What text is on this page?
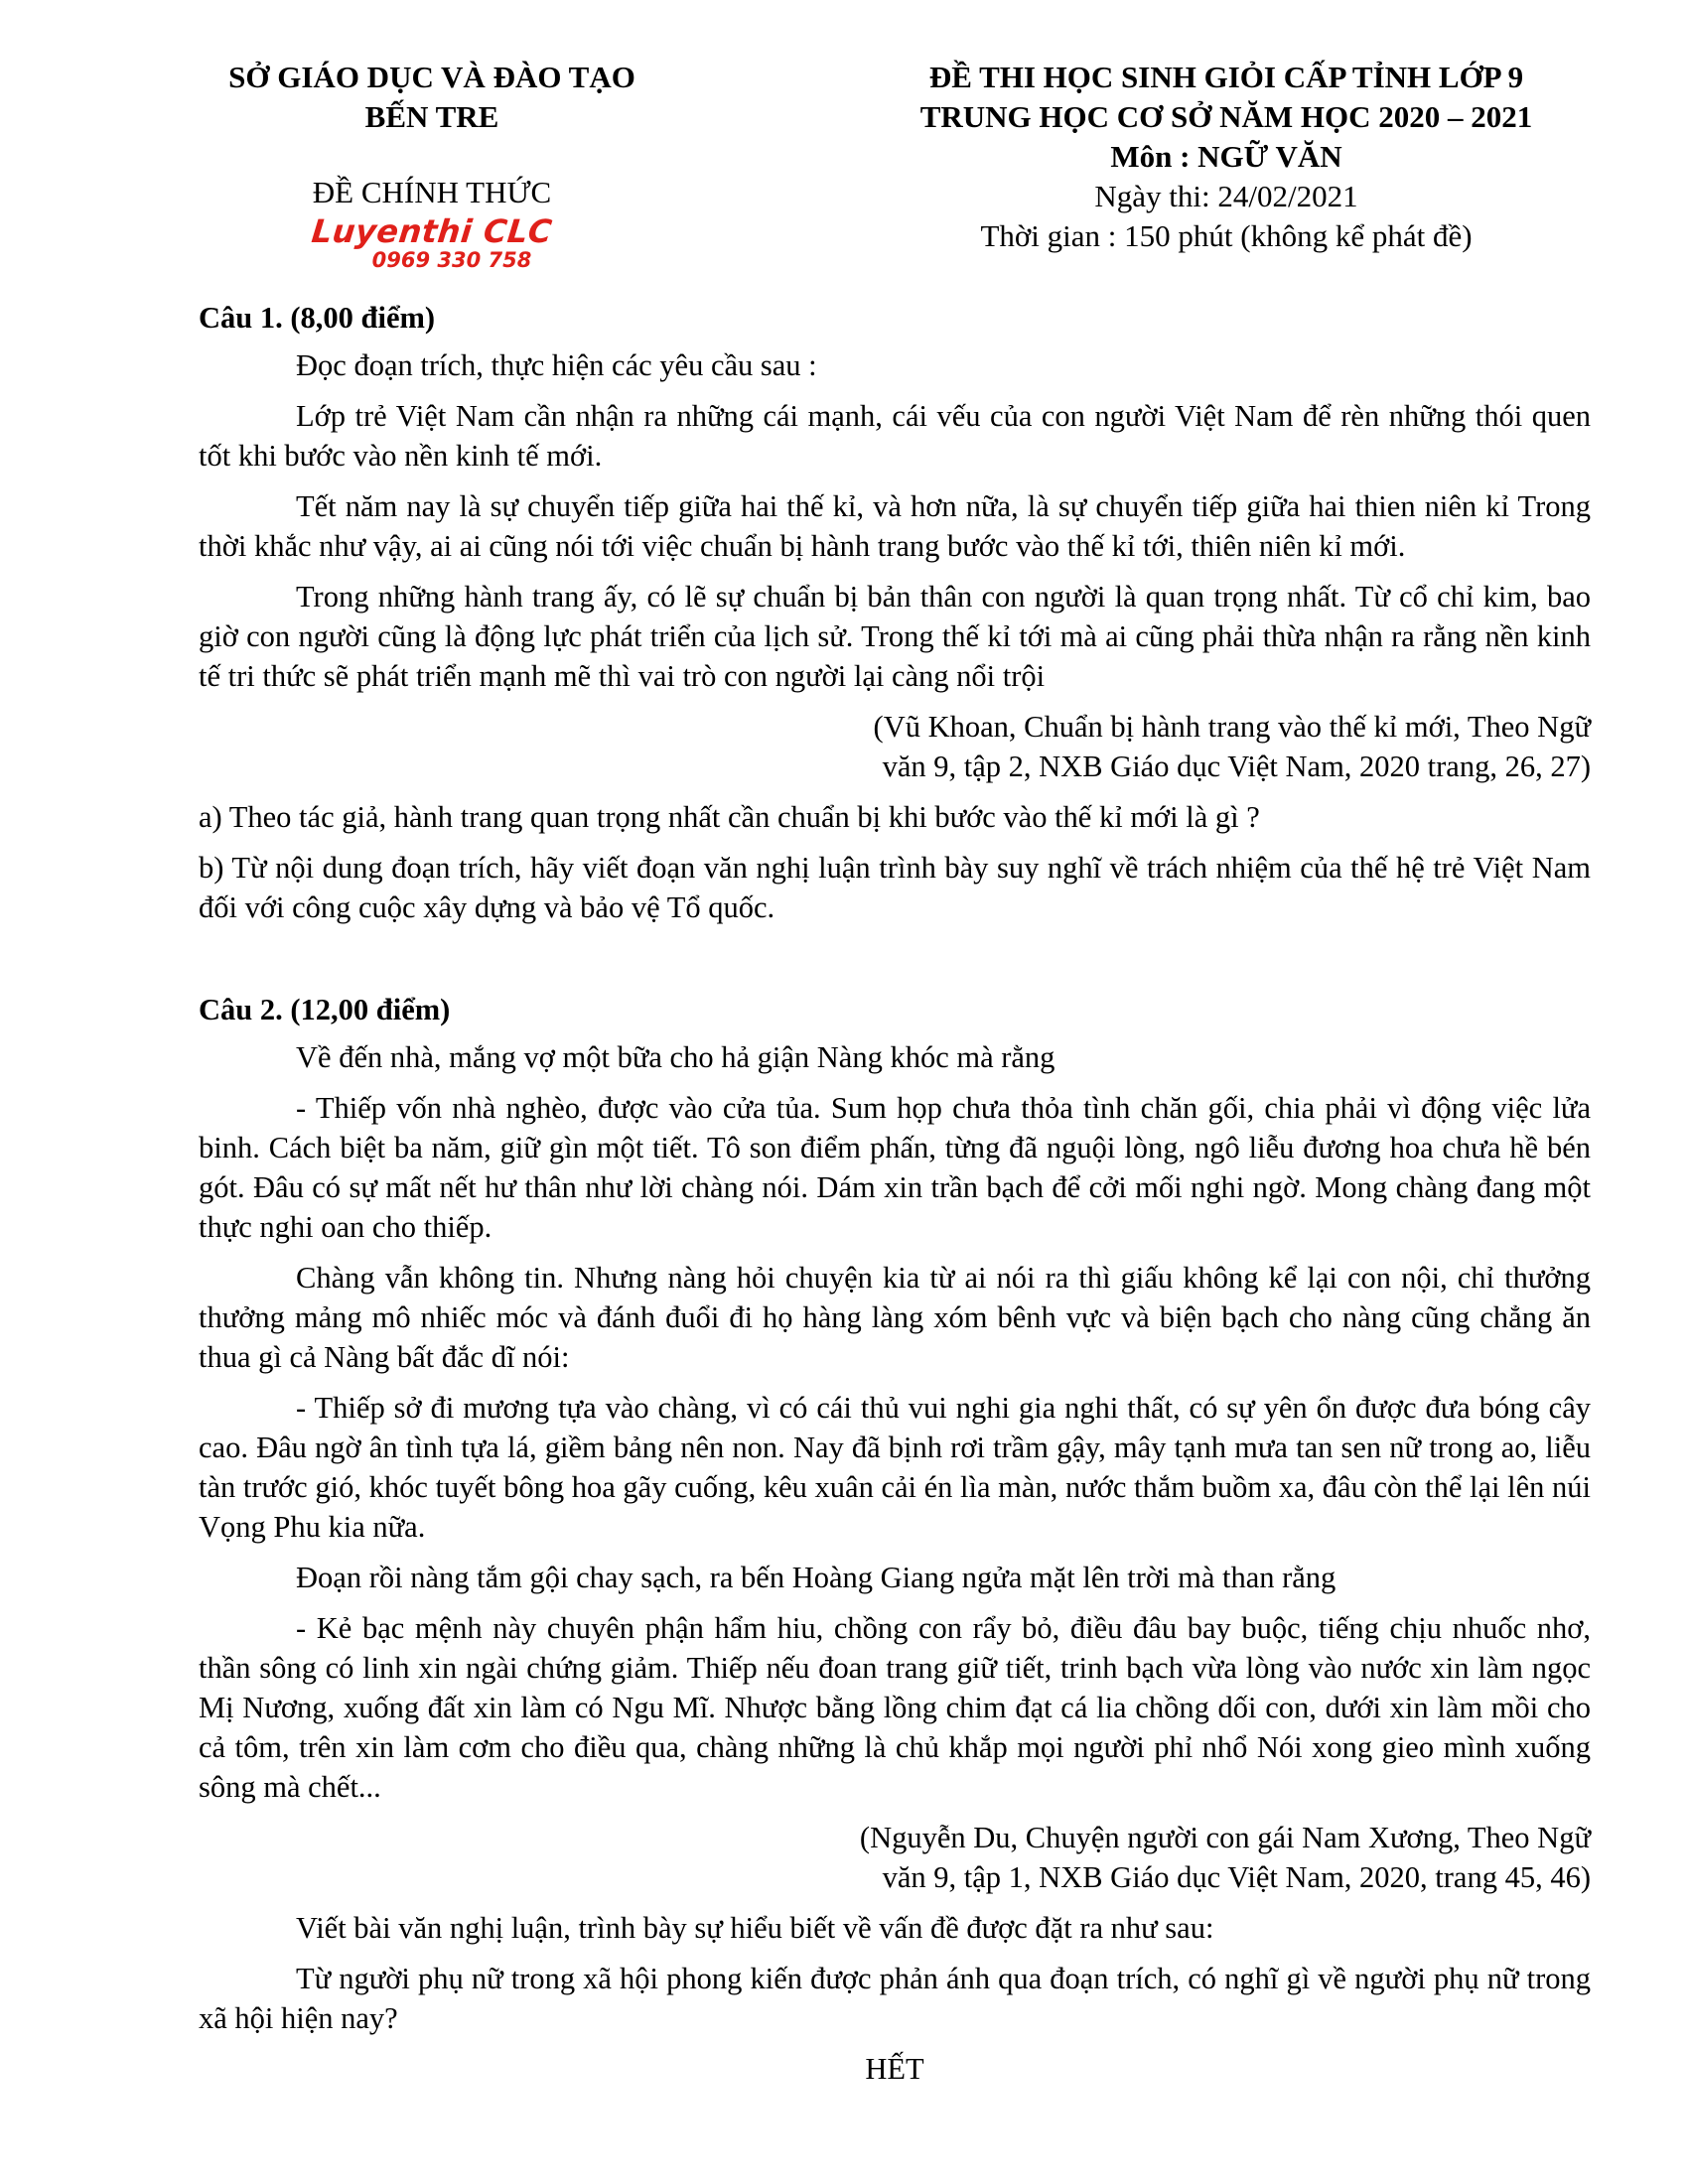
SỞ GIÁO DỤC VÀ ĐÀO TẠO
BẾN TRE
ĐỀ CHÍNH THỨC
Luyenthi CLC
0969 330 758
ĐỀ THI HỌC SINH GIỎI CẤP TỈNH LỚP 9
TRUNG HỌC CƠ SỞ NĂM HỌC 2020 – 2021
Môn : NGỮ VĂN
Ngày thi: 24/02/2021
Thời gian : 150 phút (không kể phát đề)
Câu 1. (8,00 điểm)

Đọc đoạn trích, thực hiện các yêu cầu sau :

Lớp trẻ Việt Nam cần nhận ra những cái mạnh, cái vếu của con người Việt Nam để rèn những thói quen tốt khi bước vào nền kinh tế mới.

Tết năm nay là sự chuyển tiếp giữa hai thế kỉ, và hơn nữa, là sự chuyển tiếp giữa hai thien niên kỉ Trong thời khắc như vậy, ai ai cũng nói tới việc chuẩn bị hành trang bước vào thế kỉ tới, thiên niên kỉ mới.

Trong những hành trang ấy, có lẽ sự chuẩn bị bản thân con người là quan trọng nhất. Từ cổ chỉ kim, bao giờ con người cũng là động lực phát triển của lịch sử. Trong thế kỉ tới mà ai cũng phải thừa nhận ra rằng nền kinh tế tri thức sẽ phát triển mạnh mẽ thì vai trò con người lại càng nổi trội

(Vũ Khoan, Chuẩn bị hành trang vào thế kỉ mới, Theo Ngữ
văn 9, tập 2, NXB Giáo dục Việt Nam, 2020 trang, 26, 27)

a) Theo tác giả, hành trang quan trọng nhất cần chuẩn bị khi bước vào thế kỉ mới là gì ?

b) Từ nội dung đoạn trích, hãy viết đoạn văn nghị luận trình bày suy nghĩ về trách nhiệm của thế hệ trẻ Việt Nam đối với công cuộc xây dựng và bảo vệ Tổ quốc.

Câu 2. (12,00 điểm)

Về đến nhà, mắng vợ một bữa cho hả giận Nàng khóc mà rằng

- Thiếp vốn nhà nghèo, được vào cửa tủa. Sum họp chưa thỏa tình chăn gối, chia phải vì động việc lửa binh. Cách biệt ba năm, giữ gìn một tiết. Tô son điểm phấn, từng đã nguội lòng, ngô liễu đương hoa chưa hề bén gót. Đâu có sự mất nết hư thân như lời chàng nói. Dám xin trần bạch để cởi mối nghi ngờ. Mong chàng đang một thực nghi oan cho thiếp.

Chàng vẫn không tin. Nhưng nàng hỏi chuyện kia từ ai nói ra thì giấu không kể lại con nội, chỉ thưởng thưởng mảng mô nhiếc móc và đánh đuổi đi họ hàng làng xóm bênh vực và biện bạch cho nàng cũng chẳng ăn thua gì cả Nàng bất đắc dĩ nói:

- Thiếp sở đi mương tựa vào chàng, vì có cái thủ vui nghi gia nghi thất, có sự yên ổn được đưa bóng cây cao. Đâu ngờ ân tình tựa lá, giềm bảng nên non. Nay đã bịnh rơi trầm gậy, mây tạnh mưa tan sen nữ trong ao, liễu tàn trước gió, khóc tuyết bông hoa gãy cuống, kêu xuân cải én lìa màn, nước thắm buồm xa, đâu còn thể lại lên núi Vọng Phu kia nữa.

Đoạn rồi nàng tắm gội chay sạch, ra bến Hoàng Giang ngửa mặt lên trời mà than rằng

- Kẻ bạc mệnh này chuyên phận hẩm hiu, chồng con rẩy bỏ, điều đâu bay buộc, tiếng chịu nhuốc nhơ, thần sông có linh xin ngài chứng giảm. Thiếp nếu đoan trang giữ tiết, trinh bạch vừa lòng vào nước xin làm ngọc Mị Nương, xuống đất xin làm có Ngu Mĩ. Nhược bằng lồng chim đạt cá lia chồng dối con, dưới xin làm mồi cho cả tôm, trên xin làm cơm cho điều qua, chàng những là chủ khắp mọi người phỉ nhổ Nói xong gieo mình xuống sông mà chết...

(Nguyễn Du, Chuyện người con gái Nam Xương, Theo Ngữ
văn 9, tập 1, NXB Giáo dục Việt Nam, 2020, trang 45, 46)

Viết bài văn nghị luận, trình bày sự hiểu biết về vấn đề được đặt ra như sau:

Từ người phụ nữ trong xã hội phong kiến được phản ánh qua đoạn trích, có nghĩ gì về người phụ nữ trong xã hội hiện nay?

HẾT
